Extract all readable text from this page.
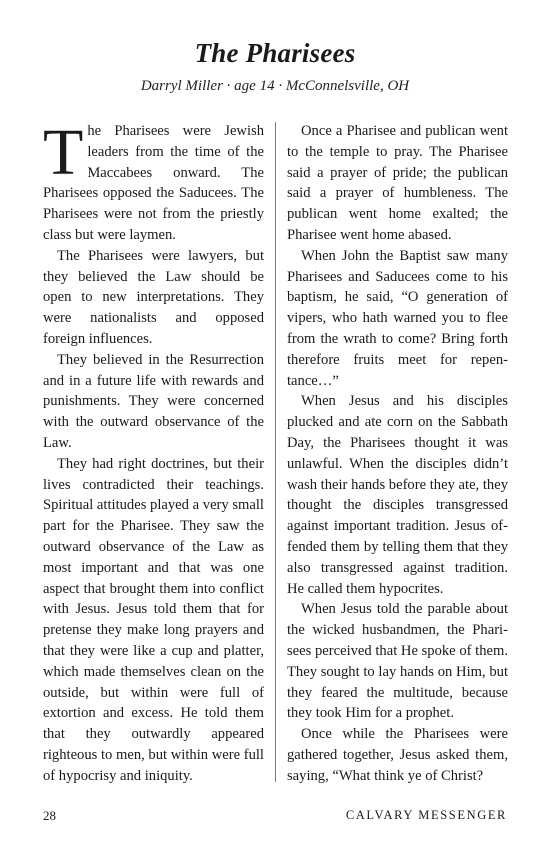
The Pharisees
Darryl Miller · age 14 · McConnelsville, OH

The Pharisees were Jewish leaders from the time of the Maccabees onward. The Pharisees opposed the Saducees. The Pharisees were not from the priestly class but were laymen.

The Pharisees were lawyers, but they believed the Law should be open to new interpretations. They were nationalists and opposed foreign influences.

They believed in the Resurrection and in a future life with rewards and punishments. They were concerned with the outward observance of the Law.

They had right doctrines, but their lives contradicted their teachings. Spiritual attitudes played a very small part for the Pharisee. They saw the outward observance of the Law as most important and that was one aspect that brought them into conflict with Jesus. Jesus told them that for pretense they make long prayers and that they were like a cup and platter, which made themselves clean on the outside, but within were full of extortion and excess. He told them that they outwardly appeared righteous to men, but within were full of hypocrisy and iniquity.

Once a Pharisee and publican went to the temple to pray. The Pharisee said a prayer of pride; the publican said a prayer of humbleness. The publican went home exalted; the Pharisee went home abased.

When John the Baptist saw many Pharisees and Saducees come to his baptism, he said, “O generation of vipers, who hath warned you to flee from the wrath to come? Bring forth therefore fruits meet for repentance…”

When Jesus and his disciples plucked and ate corn on the Sabbath Day, the Pharisees thought it was unlawful. When the disciples didn’t wash their hands before they ate, they thought the disciples transgressed against important tradition. Jesus offended them by telling them that they also transgressed against tradition. He called them hypocrites.

When Jesus told the parable about the wicked husbandmen, the Pharisees perceived that He spoke of them. They sought to lay hands on Him, but they feared the multitude, because they took Him for a prophet.

Once while the Pharisees were gathered together, Jesus asked them, saying, “What think ye of Christ?

28	CALVARY MESSENGER
